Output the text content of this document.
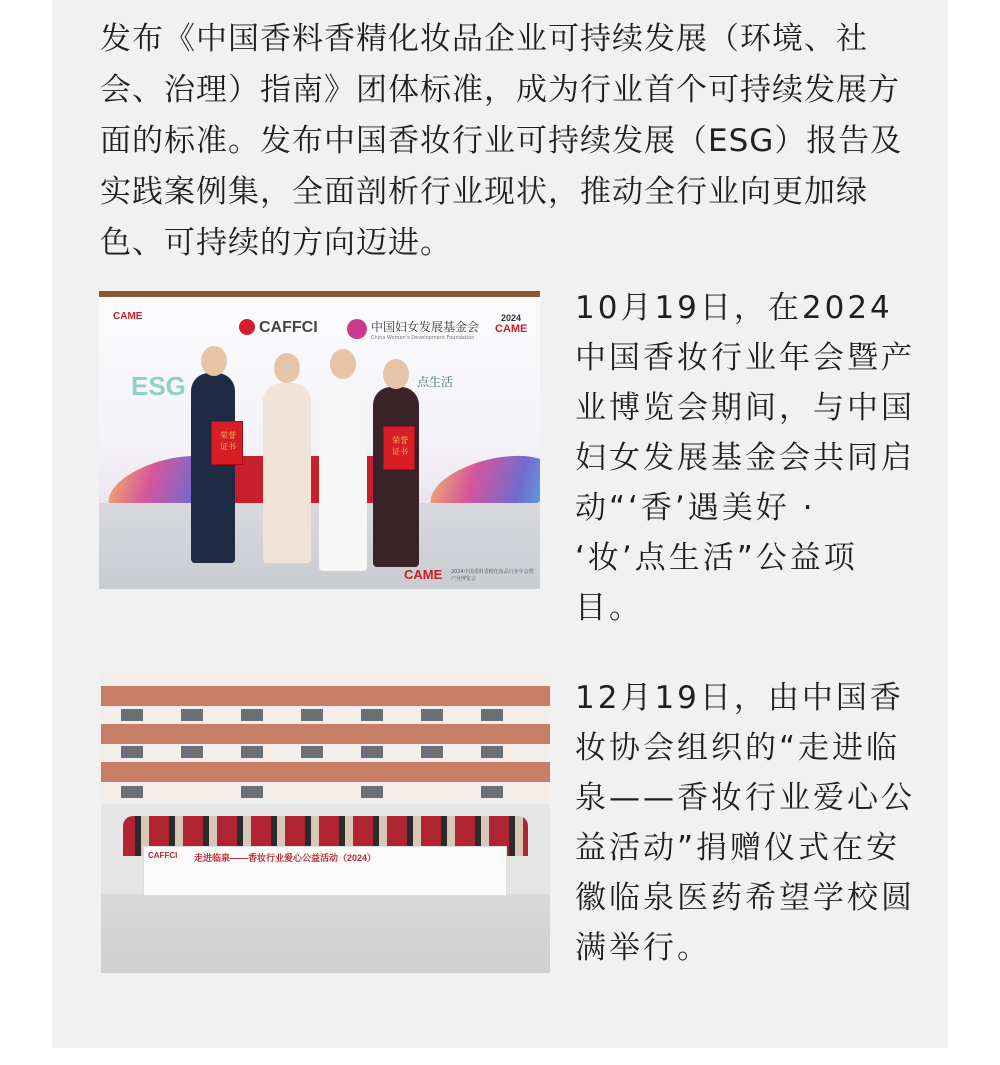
发布《中国香料香精化妆品企业可持续发展（环境、社会、治理）指南》团体标准，成为行业首个可持续发展方面的标准。发布中国香妆行业可持续发展（ESG）报告及实践案例集，全面剖析行业现状，推动全行业向更加绿色、可持续的方向迈进。

CAME
CAFFCI	中国妇女发展基金会
China Women's Development Foundation
2024
CAME
ESG	点生活
荣誉证书
荣誉证书
CAME 2024中国香料香精化妆品行业年会暨产业博览会

10月19日，在2024中国香妆行业年会暨产业博览会期间，与中国妇女发展基金会共同启动“‘香’遇美好 · ‘妆’点生活”公益项目。

CAFFCI 走进临泉——香妆行业爱心公益活动（2024）

12月19日，由中国香妆协会组织的“走进临泉——香妆行业爱心公益活动”捐赠仪式在安徽临泉医药希望学校圆满举行。
